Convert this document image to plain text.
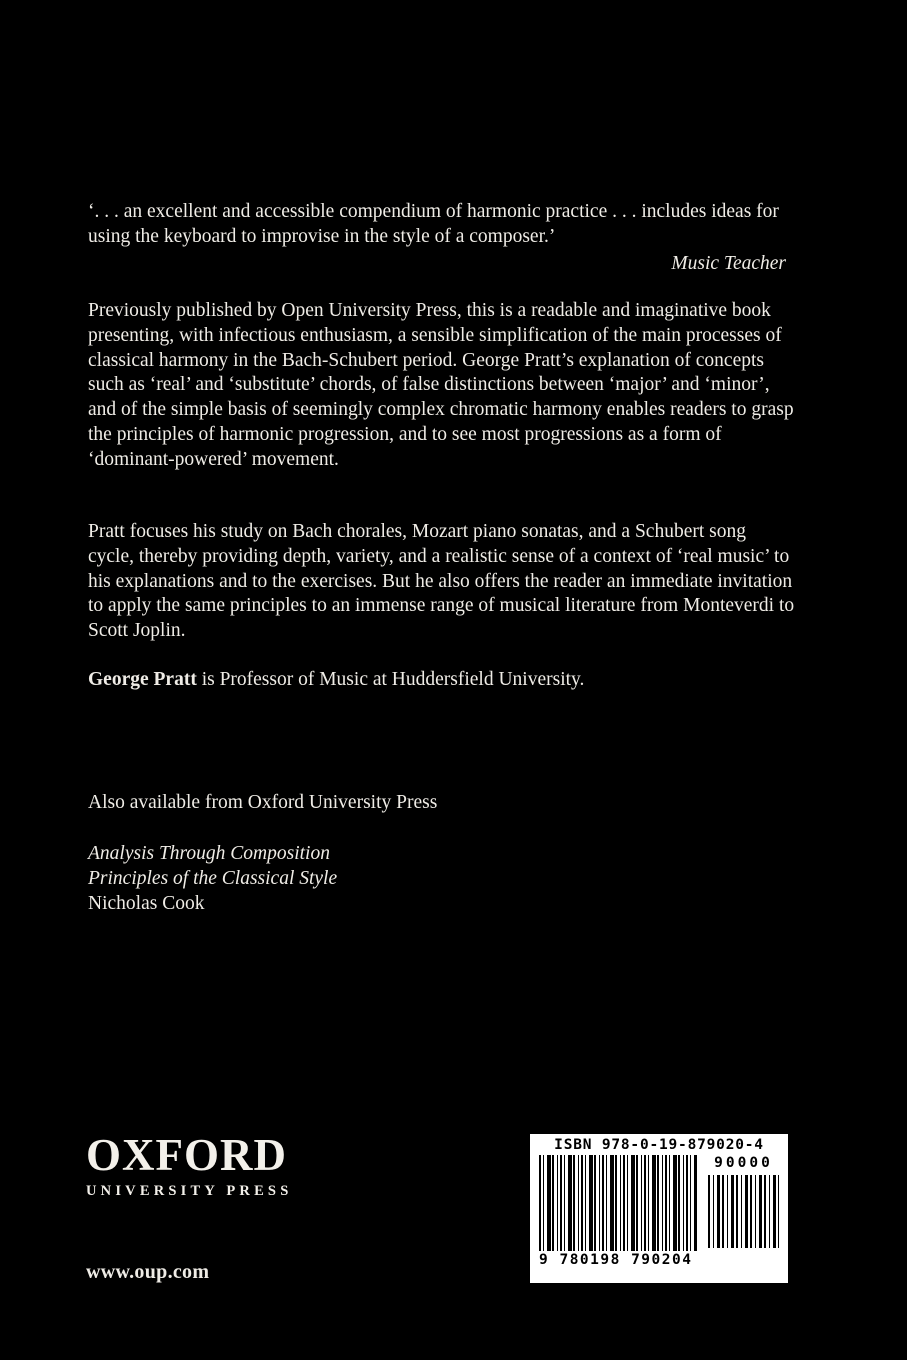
‘. . . an excellent and accessible compendium of harmonic practice . . . includes ideas for using the keyboard to improvise in the style of a composer.’
Music Teacher
Previously published by Open University Press, this is a readable and imaginative book presenting, with infectious enthusiasm, a sensible simplification of the main processes of classical harmony in the Bach-Schubert period. George Pratt’s explanation of concepts such as ‘real’ and ‘substitute’ chords, of false distinctions between ‘major’ and ‘minor’, and of the simple basis of seemingly complex chromatic harmony enables readers to grasp the principles of harmonic progression, and to see most progressions as a form of ‘dominant-powered’ movement.
Pratt focuses his study on Bach chorales, Mozart piano sonatas, and a Schubert song cycle, thereby providing depth, variety, and a realistic sense of a context of ‘real music’ to his explanations and to the exercises. But he also offers the reader an immediate invitation to apply the same principles to an immense range of musical literature from Monteverdi to Scott Joplin.
George Pratt is Professor of Music at Huddersfield University.
Also available from Oxford University Press
Analysis Through Composition
Principles of the Classical Style
Nicholas Cook
OXFORD
UNIVERSITY PRESS
www.oup.com
ISBN 978-0-19-879020-4
9 780198 790204
90000
